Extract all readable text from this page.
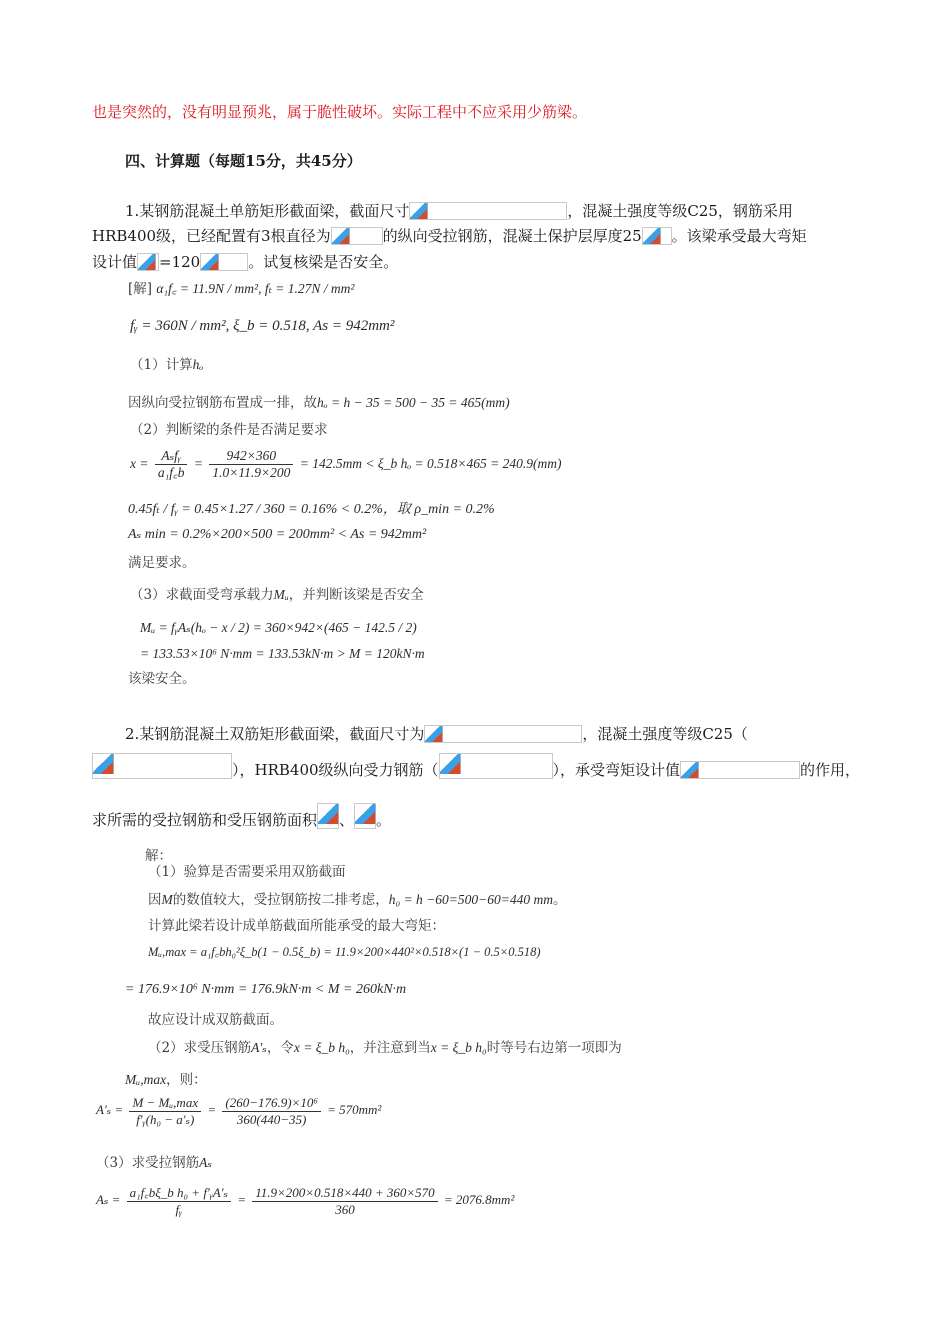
也是突然的，没有明显预兆，属于脆性破坏。实际工程中不应采用少筋梁。
四、计算题（每题15分，共45分）
1.某钢筋混凝土单筋矩形截面梁，截面尺寸	，混凝土强度等级C25，钢筋采用
HRB400级，已经配置有3根直径为	的纵向受拉钢筋，混凝土保护层厚度25 。该梁承受最大弯矩
设计值 =120	。试复核梁是否安全。
[解] α₁f꜀ = 11.9N / mm², fₜ = 1.27N / mm²
fᵧ = 360N / mm², ξ_b = 0.518, As = 942mm²
（1）计算hₒ
因纵向受拉钢筋布置成一排，故hₒ = h − 35 = 500 − 35 = 465(mm)
（2）判断梁的条件是否满足要求
$x = \frac{\text{Aₛfᵧ}}{\text{a₁f꜀b}} = \frac{942\times 360}{1.0\times 11.9\times 200} = 142.5mm$ < ξ_b hₒ = 0.518×465 = 240.9(mm)
0.45fₜ / fᵧ = 0.45×1.27 / 360 = 0.16% < 0.2%，取 ρ_min = 0.2%
Aₛ min = 0.2%×200×500 = 200mm² < As = 942mm²
满足要求。
（3）求截面受弯承载力Mᵤ，并判断该梁是否安全
Mᵤ = fᵧAₛ(hₒ − x / 2) = 360×942×(465 − 142.5 / 2)
= 133.53×10⁶ N·mm = 133.53kN·m > M = 120kN·m
该梁安全。
2.某钢筋混凝土双筋矩形截面梁，截面尺寸为	，混凝土强度等级C25（
），HRB400级纵向受力钢筋（	），承受弯矩设计值	的作用，
求所需的受拉钢筋和受压钢筋面积 、 。
解：
（1）验算是否需要采用双筋截面
因M的数值较大，受拉钢筋按二排考虑，h₀ = h −60=500−60=440 mm。
计算此梁若设计成单筋截面所能承受的最大弯矩：
Mᵤ,max = a₁f꜀bh₀²ξ_b(1 − 0.5ξ_b) = 11.9×200×440²×0.518×(1 − 0.5×0.518)
= 176.9×10⁶ N·mm = 176.9kN·m < M = 260kN·m
故应设计成双筋截面。
（2）求受压钢筋A′ₛ，令x = ξ_b h₀，并注意到当x = ξ_b h₀时等号右边第一项即为
Mᵤ,max，则：
$A'_s = \frac{\text{M − Mᵤ,max}}{\text{f′ᵧ(h₀ − a′ₛ)}} = \frac{\text{(260−176.9)×10⁶}}{360(440-35)} = 570mm^2$
（3）求受拉钢筋Aₛ
$A_s = \frac{\text{a₁f꜀bξ\_b h₀ + f′ᵧA′ₛ}}{\text{fᵧ}} = \frac{11.9\times 200\times 0.518\times 440 + 360\times 570}{360} = 2076.8mm^2$
